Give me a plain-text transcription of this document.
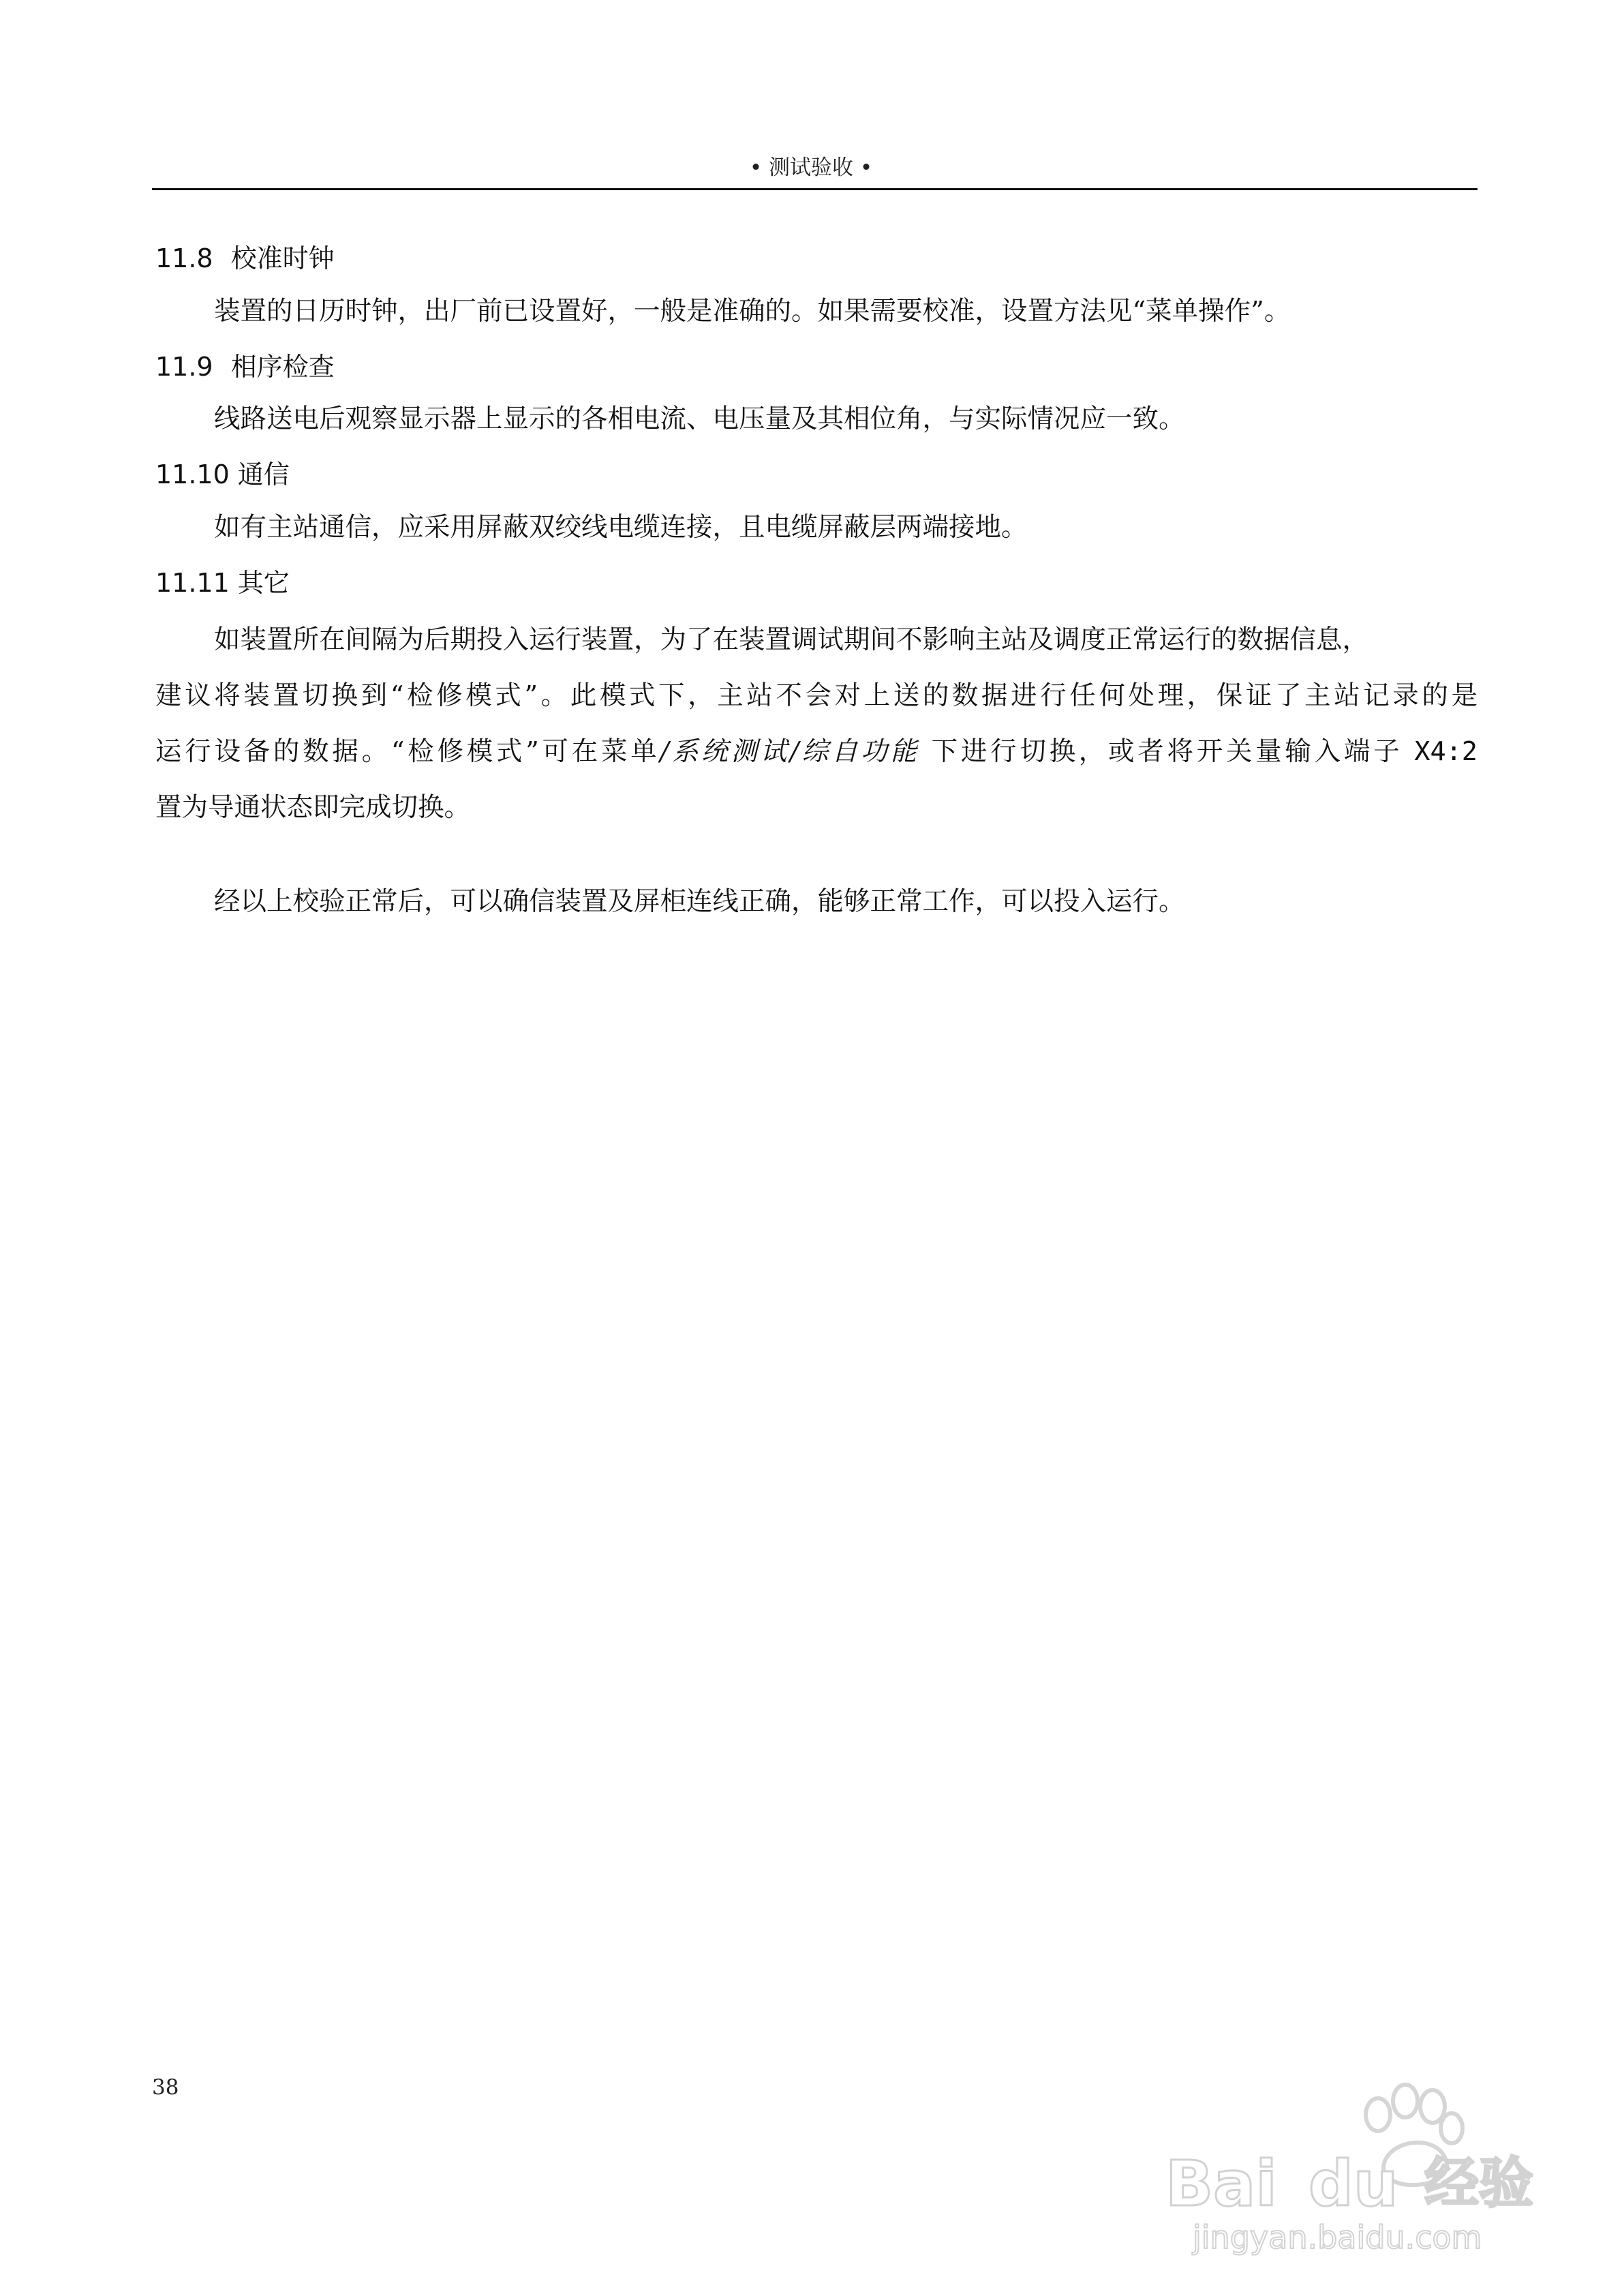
• 测试验收 •
11.8 校准时钟
装置的日历时钟，出厂前已设置好，一般是准确的。如果需要校准，设置方法见“菜单操作”。
11.9 相序检查
线路送电后观察显示器上显示的各相电流、电压量及其相位角，与实际情况应一致。
11.10 通信
如有主站通信，应采用屏蔽双绞线电缆连接，且电缆屏蔽层两端接地。
11.11 其它
如装置所在间隔为后期投入运行装置，为了在装置调试期间不影响主站及调度正常运行的数据信息，
建议将装置切换到“检修模式”。此模式下，主站不会对上送的数据进行任何处理，保证了主站记录的是
运行设备的数据。“检修模式”可在菜单/系统测试/综自功能 下进行切换，或者将开关量输入端子 X4:2
置为导通状态即完成切换。
经以上校验正常后，可以确信装置及屏柜连线正确，能够正常工作，可以投入运行。
38
Bai du 经验
jingyan.baidu.com
